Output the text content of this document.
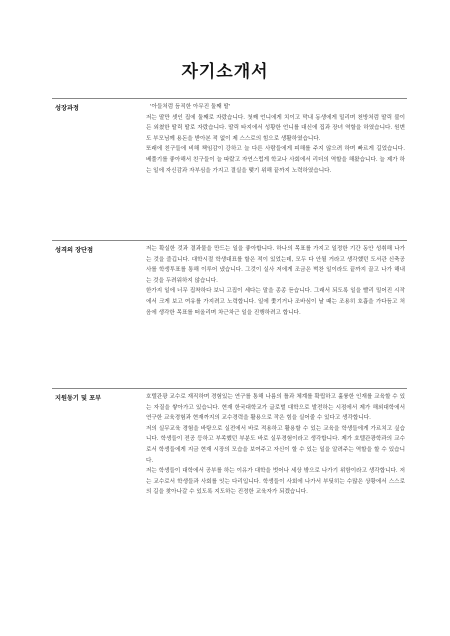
자기소개서
성장과정	'아들처럼 듬직한 아무진 둘째 딸'

저는 딸만 셋인 집에 둘째로 자랐습니다. 첫째 언니에게 치이고 막내 동생에게 밀리며 천방처럼 딸릭 불이든 외쳤한 딸릭 딸로 자랐습니다. 딸릭 타지에서 성황한 언니를 대신에 집과 장녀 역할을 하였습니다. 원변도 부모님께 용돈을 받아본 적 없이 제 스스로의 힘으로 생활하였습니다.

또래에 친구들에 비해 책임감이 강하고 늘 다른 사람들에게 피해를 주지 않으려 하며 빠르게 길었습니다. 베풀기를 좋아해서 친구들이 늘 따랐고 자연스럽게 학교나 사회에서 리더의 역할을 해왔습니다. 늘 제가 하는 일에 자신감과 자부심을 가지고 결실을 맺기 위해 끝까지 노력하였습니다.

성격의 장단점	저는 확실한 것과 결과물을 만드는 일을 좋아합니다. 하나의 목표를 가지고 일정한 기간 동안 성취해 나가는 것을 즐깁니다. 대학시절 학생대표를 할은 적이 있었는데, 모두 다 안될 거라고 생각했던 도서관 신축공사를 학생투표를 통해 이루어 냈습니다. 그것이 실사 저에게 조금은 벅찬 일이라도 끝까지 끌고 나가 해내는 것을 두려워하지 않습니다.

한가지 일에 너무 집착하다 보니 고집이 세다는 말을 종종 듣습니다. 그래서 되도록 일을 빨리 밀어진 시작에서 크게 보고 여유를 가지려고 노력합니다. 일에 쫓기거나 조바심이 날 때는 조용히 호흡을 가다듬고 처음에 생각한 목표를 떠올리며 차근차근 일을 진행하려고 합니다.

지원동기 및 포부	호텔관광 교수로 재직하며 경험있는 연구를 통해 나름의 틀과 체계를 확립하고 훌륭한 인재를 교육할 수 있는 자질을 쌓아가고 있습니다. 현재 한국대학교가 글로벌 대학으로 발전하는 시점에서 제가 해외대학에서 연구한 교육경험과 현재까지의 교수경력을 활용으로 작은 힘을 실어줄 수 있다고 생각합니다.

저의 실무교육 경험을 바탕으로 실전에서 바로 적용하고 활용할 수 있는 교육을 학생들에게 가르치고 싶습니다. 학생들이 전공 등하고 부족했던 부분도 바로 실무경험이라고 생각합니다. 제가 호텔관광학과의 교수로서 학생들에게 지금 현재 시장의 모습을 보여주고 자신이 할 수 있는 일을 알려주는 역할을 할 수 있습니다.

저는 학생들이 대학에서 공부를 하는 이유가 대학을 벗어나 세상 밖으로 나가기 위함이라고 생각합니다. 저는 교수로서 학생들과 사회를 잇는 다리입니다. 학생들이 사회에 나가서 부딪히는 수많은 상황에서 스스로의 길을 찾아나갈 수 있도록 지도하는 진정한 교육자가 되겠습니다.
